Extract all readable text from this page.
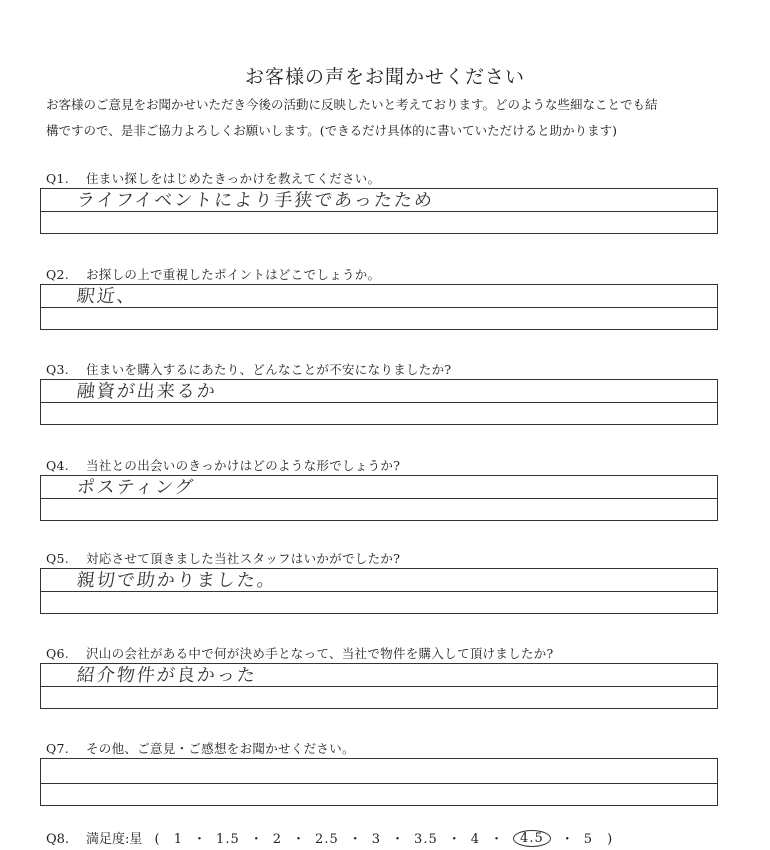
お客様の声をお聞かせください
お客様のご意見をお聞かせいただき今後の活動に反映したいと考えております。どのような些細なことでも結
構ですので、是非ご協力よろしくお願いします。(できるだけ具体的に書いていただけると助かります)
Q1. 住まい探しをはじめたきっかけを教えてください。
ライフイベントにより手狭であったため
Q2. お探しの上で重視したポイントはどこでしょうか。
駅近、
Q3. 住まいを購入するにあたり、どんなことが不安になりましたか?
融資が出来るか
Q4. 当社との出会いのきっかけはどのような形でしょうか?
ポスティング
Q5. 対応させて頂きました当社スタッフはいかがでしたか?
親切で助かりました。
Q6. 沢山の会社がある中で何が決め手となって、当社で物件を購入して頂けましたか?
紹介物件が良かった
Q7. その他、ご意見・ご感想をお聞かせください。
Q8. 満足度:星 ( 1 ・ 1.5 ・ 2 ・ 2.5 ・ 3 ・ 3.5 ・ 4 ・ 4.5 ・ 5 )
